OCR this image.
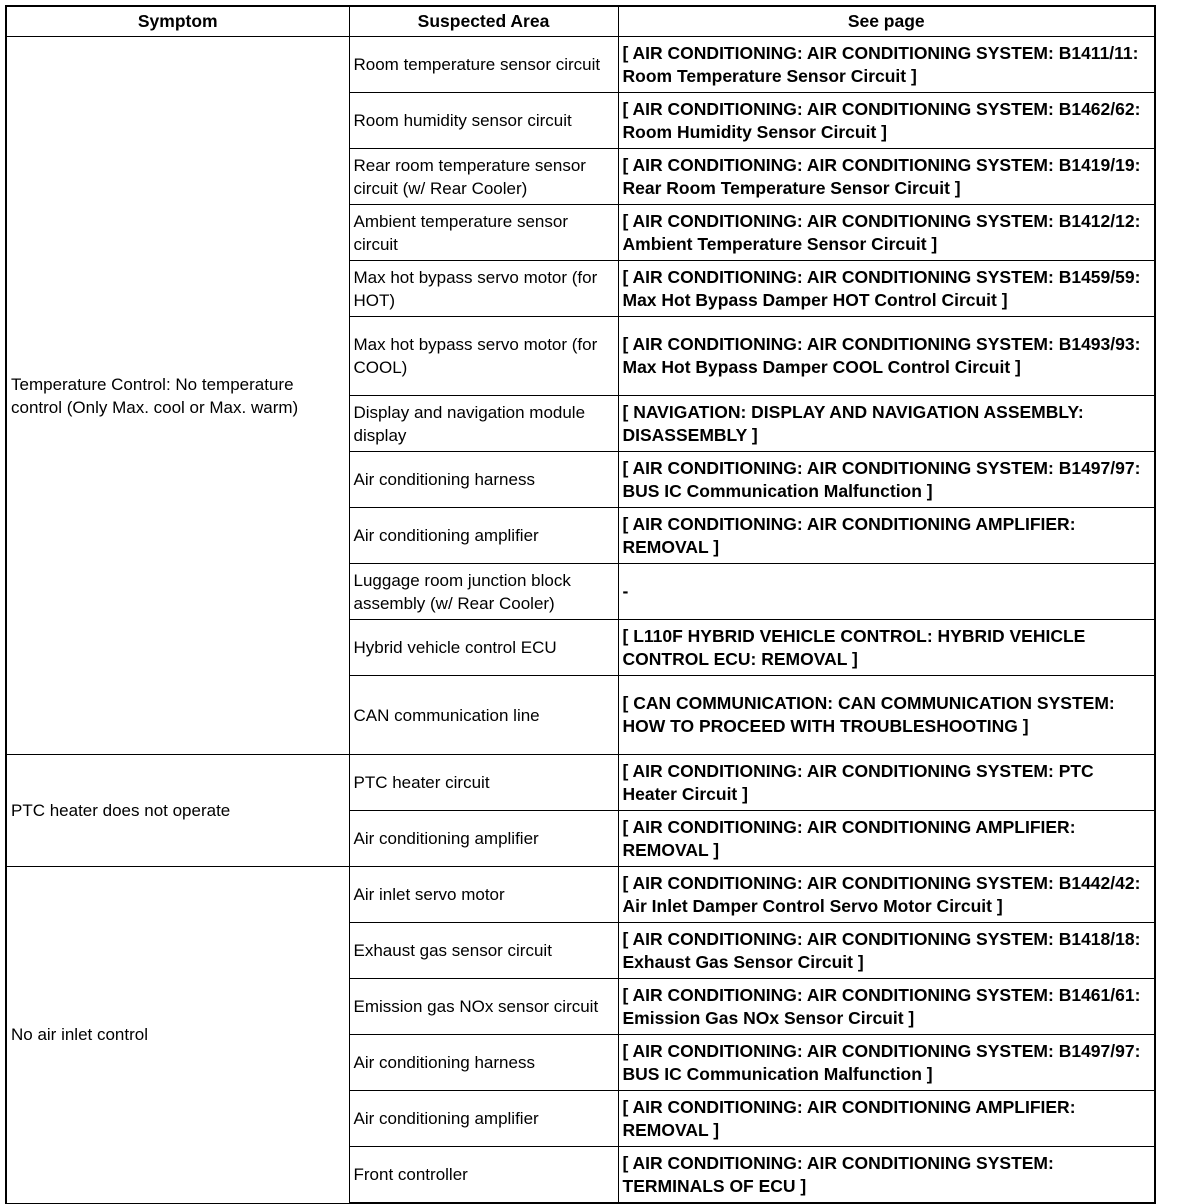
Symptom	Suspected Area	See page
Temperature Control: No temperature control (Only Max. cool or Max. warm)	Room temperature sensor circuit	[ AIR CONDITIONING: AIR CONDITIONING SYSTEM: B1411/11: Room Temperature Sensor Circuit ]
	Room humidity sensor circuit	[ AIR CONDITIONING: AIR CONDITIONING SYSTEM: B1462/62: Room Humidity Sensor Circuit ]
	Rear room temperature sensor circuit (w/ Rear Cooler)	[ AIR CONDITIONING: AIR CONDITIONING SYSTEM: B1419/19: Rear Room Temperature Sensor Circuit ]
	Ambient temperature sensor circuit	[ AIR CONDITIONING: AIR CONDITIONING SYSTEM: B1412/12: Ambient Temperature Sensor Circuit ]
	Max hot bypass servo motor (for HOT)	[ AIR CONDITIONING: AIR CONDITIONING SYSTEM: B1459/59: Max Hot Bypass Damper HOT Control Circuit ]
	Max hot bypass servo motor (for COOL)	[ AIR CONDITIONING: AIR CONDITIONING SYSTEM: B1493/93: Max Hot Bypass Damper COOL Control Circuit ]
	Display and navigation module display	[ NAVIGATION: DISPLAY AND NAVIGATION ASSEMBLY: DISASSEMBLY ]
	Air conditioning harness	[ AIR CONDITIONING: AIR CONDITIONING SYSTEM: B1497/97: BUS IC Communication Malfunction ]
	Air conditioning amplifier	[ AIR CONDITIONING: AIR CONDITIONING AMPLIFIER: REMOVAL ]
	Luggage room junction block assembly (w/ Rear Cooler)	-
	Hybrid vehicle control ECU	[ L110F HYBRID VEHICLE CONTROL: HYBRID VEHICLE CONTROL ECU: REMOVAL ]
	CAN communication line	[ CAN COMMUNICATION: CAN COMMUNICATION SYSTEM: HOW TO PROCEED WITH TROUBLESHOOTING ]
PTC heater does not operate	PTC heater circuit	[ AIR CONDITIONING: AIR CONDITIONING SYSTEM: PTC Heater Circuit ]
	Air conditioning amplifier	[ AIR CONDITIONING: AIR CONDITIONING AMPLIFIER: REMOVAL ]
No air inlet control	Air inlet servo motor	[ AIR CONDITIONING: AIR CONDITIONING SYSTEM: B1442/42: Air Inlet Damper Control Servo Motor Circuit ]
	Exhaust gas sensor circuit	[ AIR CONDITIONING: AIR CONDITIONING SYSTEM: B1418/18: Exhaust Gas Sensor Circuit ]
	Emission gas NOx sensor circuit	[ AIR CONDITIONING: AIR CONDITIONING SYSTEM: B1461/61: Emission Gas NOx Sensor Circuit ]
	Air conditioning harness	[ AIR CONDITIONING: AIR CONDITIONING SYSTEM: B1497/97: BUS IC Communication Malfunction ]
	Air conditioning amplifier	[ AIR CONDITIONING: AIR CONDITIONING AMPLIFIER: REMOVAL ]
	Front controller	[ AIR CONDITIONING: AIR CONDITIONING SYSTEM: TERMINALS OF ECU ]
